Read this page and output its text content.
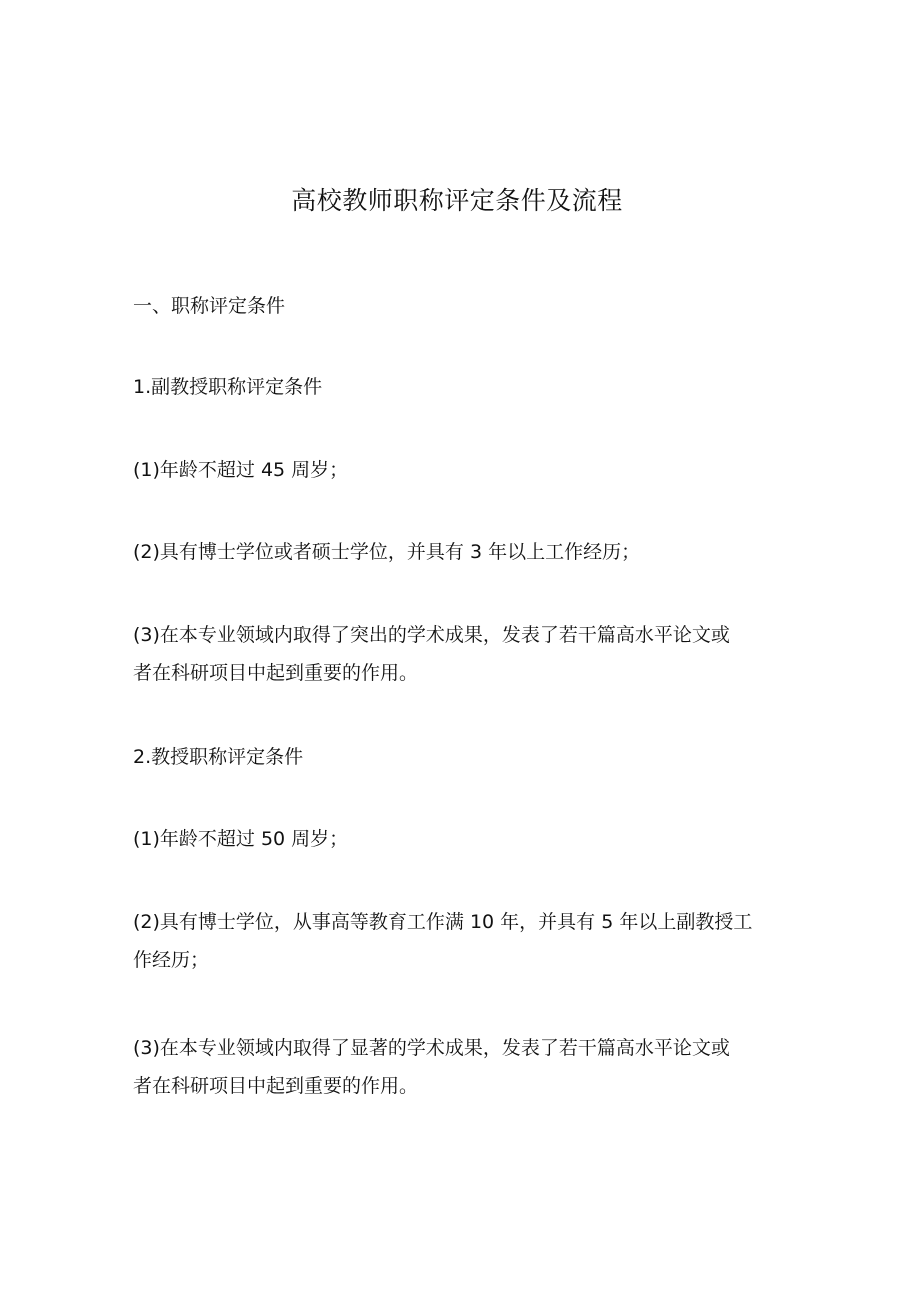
高校教师职称评定条件及流程

一、职称评定条件

1.副教授职称评定条件

(1)年龄不超过 45 周岁；

(2)具有博士学位或者硕士学位，并具有 3 年以上工作经历；

(3)在本专业领域内取得了突出的学术成果，发表了若干篇高水平论文或
者在科研项目中起到重要的作用。

2.教授职称评定条件

(1)年龄不超过 50 周岁；

(2)具有博士学位，从事高等教育工作满 10 年，并具有 5 年以上副教授工
作经历；
(3)在本专业领域内取得了显著的学术成果，发表了若干篇高水平论文或
者在科研项目中起到重要的作用。
